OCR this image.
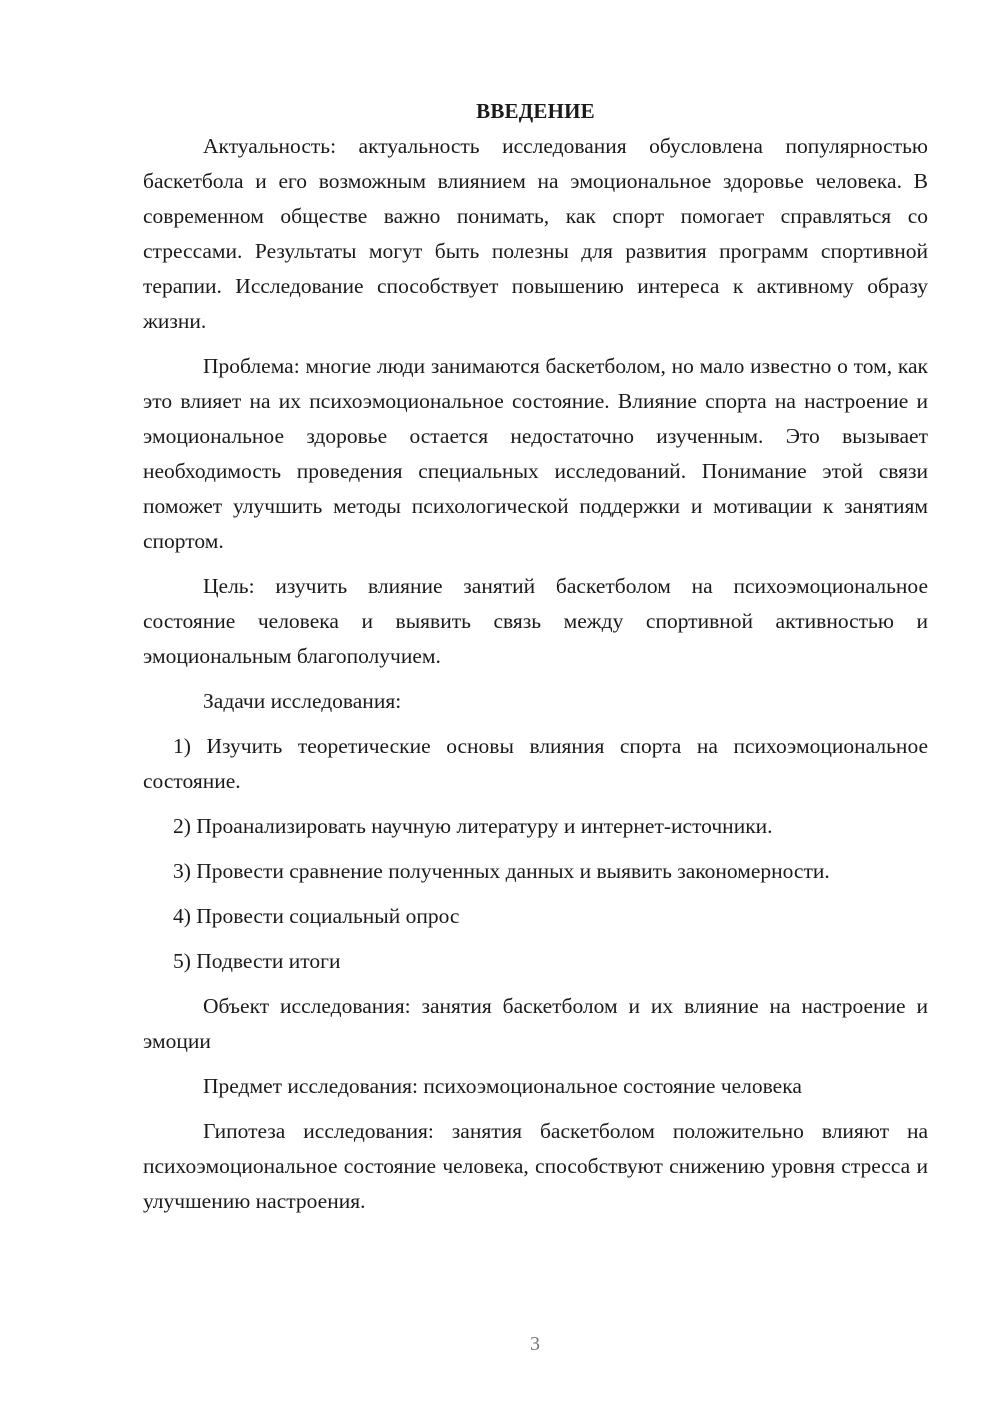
ВВЕДЕНИЕ

Актуальность: актуальность исследования обусловлена популярностью баскетбола и его возможным влиянием на эмоциональное здоровье человека. В современном обществе важно понимать, как спорт помогает справляться со стрессами. Результаты могут быть полезны для развития программ спортивной терапии. Исследование способствует повышению интереса к активному образу жизни.

Проблема: многие люди занимаются баскетболом, но мало известно о том, как это влияет на их психоэмоциональное состояние. Влияние спорта на настроение и эмоциональное здоровье остается недостаточно изученным. Это вызывает необходимость проведения специальных исследований. Понимание этой связи поможет улучшить методы психологической поддержки и мотивации к занятиям спортом.

Цель: изучить влияние занятий баскетболом на психоэмоциональное состояние человека и выявить связь между спортивной активностью и эмоциональным благополучием.

Задачи исследования:

1) Изучить теоретические основы влияния спорта на психоэмоциональное состояние.

2) Проанализировать научную литературу и интернет-источники.

3) Провести сравнение полученных данных и выявить закономерности.

4) Провести социальный опрос

5) Подвести итоги

Объект исследования: занятия баскетболом и их влияние на настроение и эмоции

Предмет исследования: психоэмоциональное состояние человека

Гипотеза исследования: занятия баскетболом положительно влияют на психоэмоциональное состояние человека, способствуют снижению уровня стресса и улучшению настроения.

3
